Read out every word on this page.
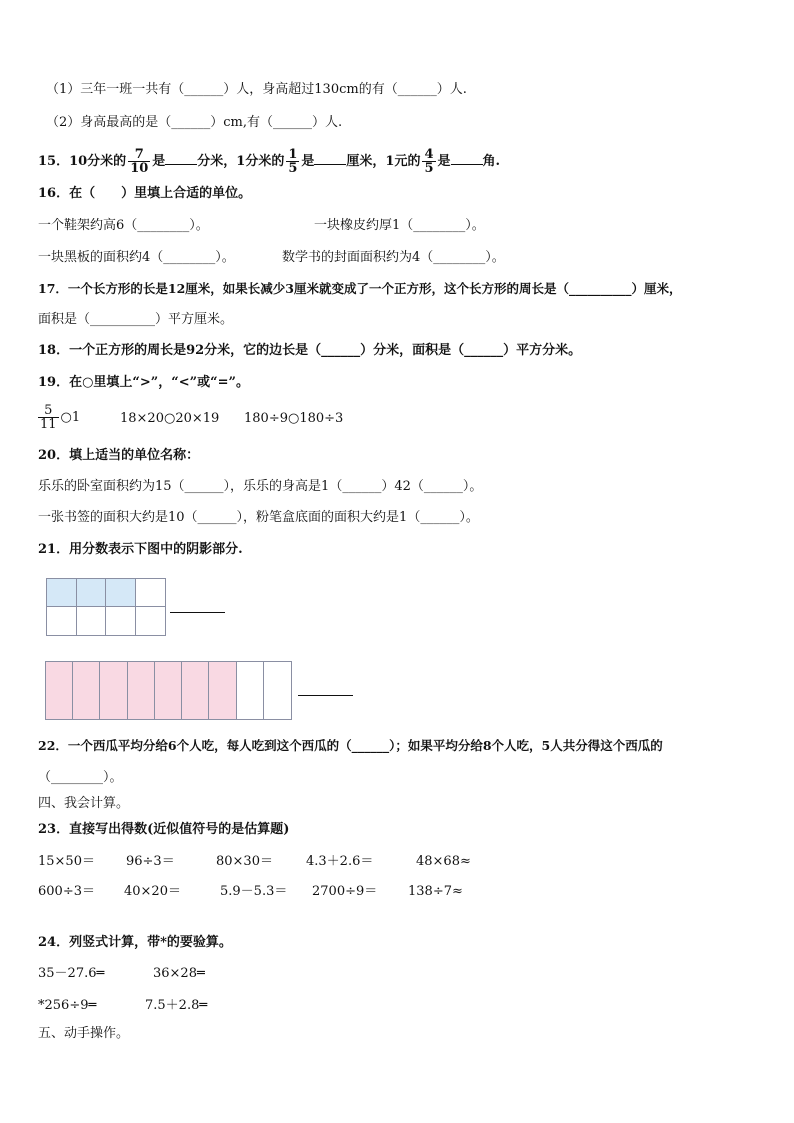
（1）三年一班一共有（______）人，身高超过130cm的有（______）人.
（2）身高最高的是（______）cm,有（______）人.
15．10分米的 $\frac{7}{10}$ 是 分米，1分米的 $\frac{1}{5}$ 是 厘米，1元的 $\frac{4}{5}$ 是 角.
16．在（　　）里填上合适的单位。
一个鞋架约高6（________）。	一块橡皮约厚1（________）。
一块黑板的面积约4（________）。	数学书的封面面积约为4（________）。
17．一个长方形的长是12厘米，如果长减少3厘米就变成了一个正方形，这个长方形的周长是（__________）厘米，
面积是（__________）平方厘米。
18．一个正方形的周长是92分米，它的边长是（______）分米，面积是（______）平方分米。
19．在○里填上“>”，“<”或“=”。
$\frac{5}{11}$ ○1	18×20○20×19 180÷9○180÷3
20．填上适当的单位名称：
乐乐的卧室面积约为15（______），乐乐的身高是1（______）42（______）。
一张书签的面积大约是10（______），粉笔盒底面的面积大约是1（______）。
21．用分数表示下图中的阴影部分.
22．一个西瓜平均分给6个人吃，每人吃到这个西瓜的（______）；如果平均分给8个人吃，5人共分得这个西瓜的
（________）。
四、我会计算。
23．直接写出得数(近似值符号的是估算题)
15×50＝ 96÷3＝	80×30＝	4.3＋2.6＝	48×68≈
600÷3＝ 40×20＝	5.9－5.3＝ 2700÷9＝ 138÷7≈
24．列竖式计算，带*的要验算。
35－27.6═	36×28═
*256÷9═	7.5＋2.8═
五、动手操作。
